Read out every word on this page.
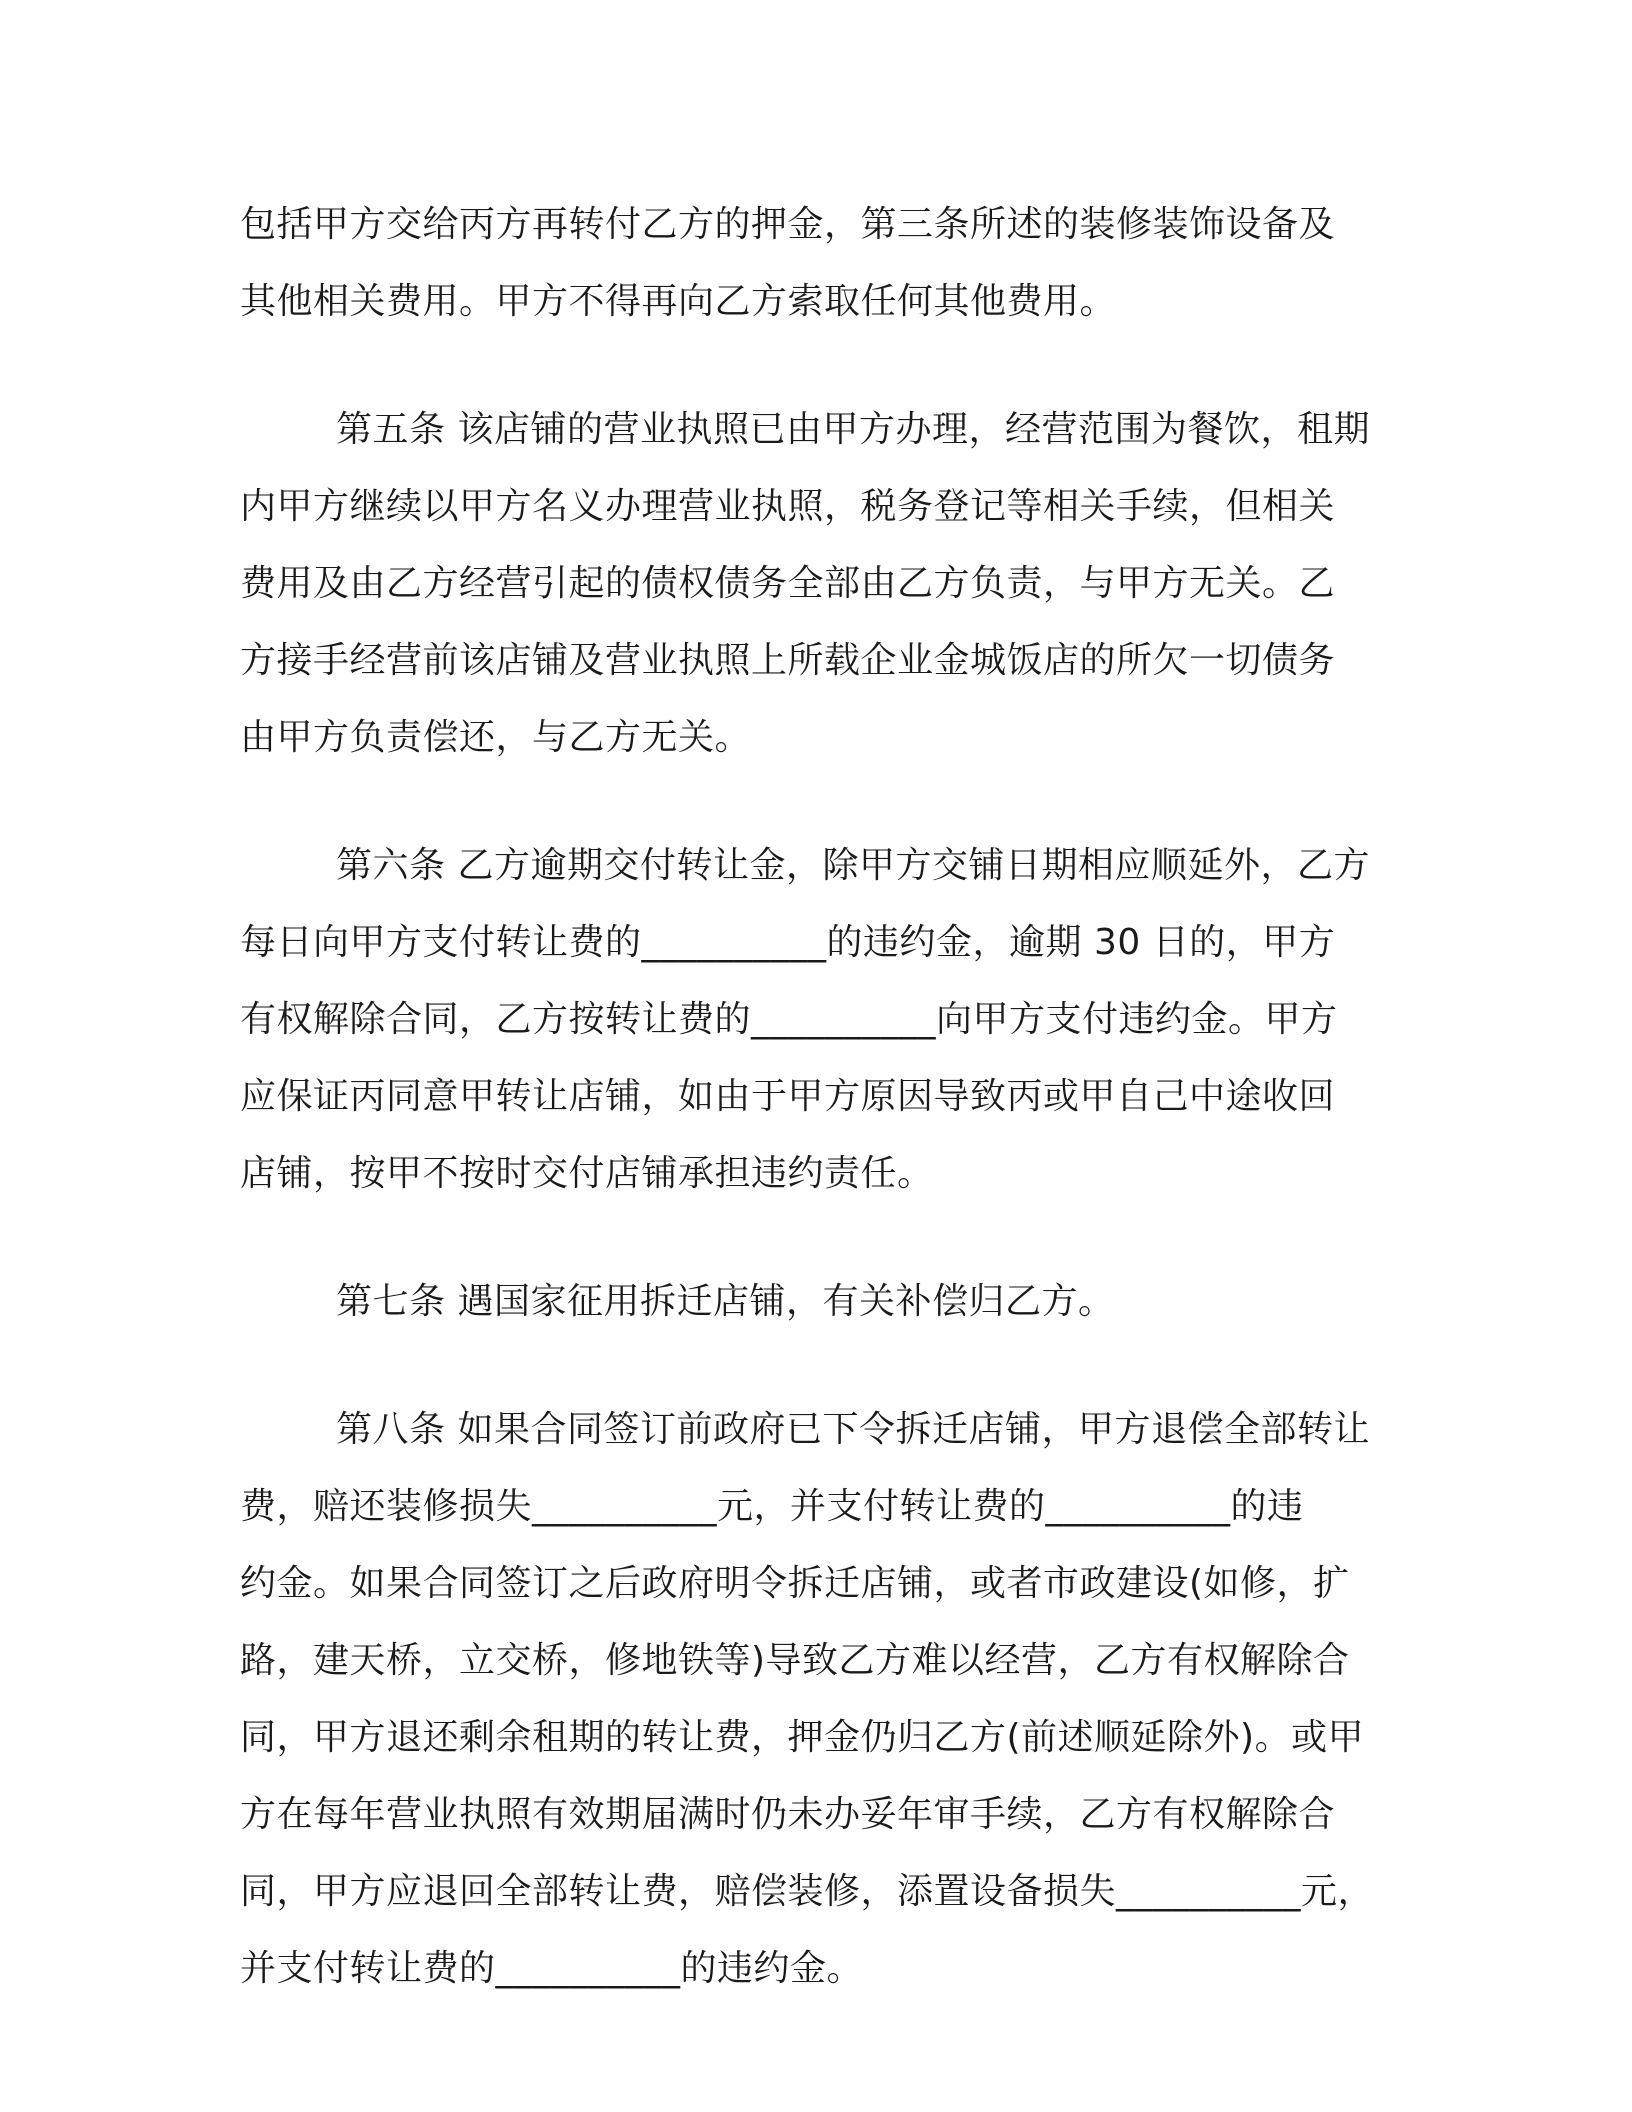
包括甲方交给丙方再转付乙方的押金，第三条所述的装修装饰设备及
其他相关费用。甲方不得再向乙方索取任何其他费用。

第五条 该店铺的营业执照已由甲方办理，经营范围为餐饮，租期
内甲方继续以甲方名义办理营业执照，税务登记等相关手续，但相关
费用及由乙方经营引起的债权债务全部由乙方负责，与甲方无关。乙
方接手经营前该店铺及营业执照上所载企业金城饭店的所欠一切债务
由甲方负责偿还，与乙方无关。

第六条 乙方逾期交付转让金，除甲方交铺日期相应顺延外，乙方
每日向甲方支付转让费的__________的违约金，逾期 30 日的，甲方
有权解除合同，乙方按转让费的__________向甲方支付违约金。甲方
应保证丙同意甲转让店铺，如由于甲方原因导致丙或甲自己中途收回
店铺，按甲不按时交付店铺承担违约责任。

第七条 遇国家征用拆迁店铺，有关补偿归乙方。

第八条 如果合同签订前政府已下令拆迁店铺，甲方退偿全部转让
费，赔还装修损失__________元，并支付转让费的__________的违
约金。如果合同签订之后政府明令拆迁店铺，或者市政建设(如修，扩
路，建天桥，立交桥，修地铁等)导致乙方难以经营，乙方有权解除合
同，甲方退还剩余租期的转让费，押金仍归乙方(前述顺延除外)。或甲
方在每年营业执照有效期届满时仍未办妥年审手续，乙方有权解除合
同，甲方应退回全部转让费，赔偿装修，添置设备损失__________元，
并支付转让费的__________的违约金。
